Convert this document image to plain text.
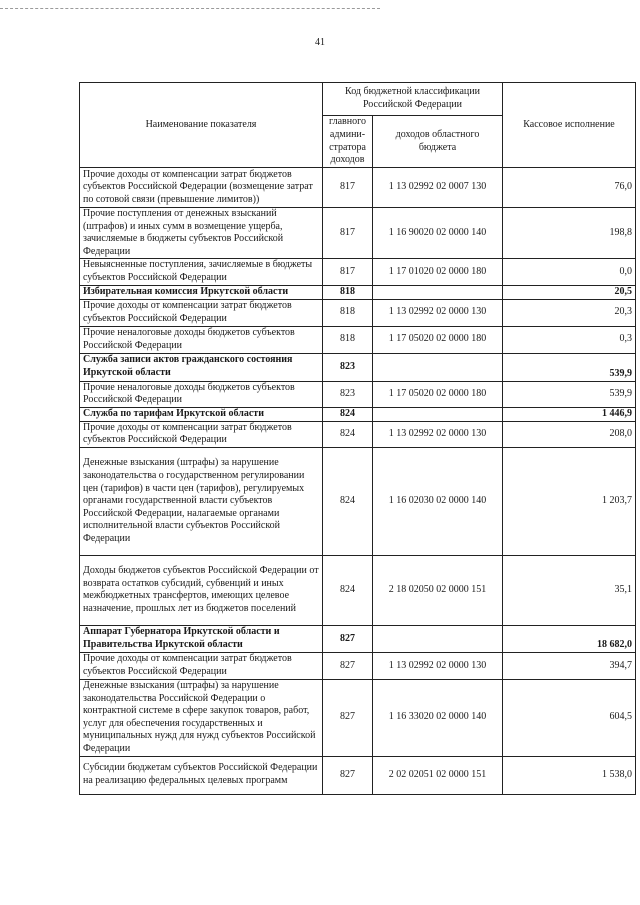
41
Наименование показателя	Код бюджетной классификации Российской Федерации		Кассовое исполнение
	главного админи-стратора доходов	доходов областного бюджета	
Прочие доходы от компенсации затрат бюджетов субъектов Российской Федерации (возмещение затрат по сотовой связи (превышение лимитов))	817	1 13 02992 02 0007 130	76,0
Прочие поступления от денежных взысканий (штрафов) и иных сумм в возмещение ущерба, зачисляемые в бюджеты субъектов Российской Федерации	817	1 16 90020 02 0000 140	198,8
Невыясненные поступления, зачисляемые в бюджеты субъектов Российской Федерации	817	1 17 01020 02 0000 180	0,0
Избирательная комиссия Иркутской области	818		20,5
Прочие доходы от компенсации затрат бюджетов субъектов Российской Федерации	818	1 13 02992 02 0000 130	20,3
Прочие неналоговые доходы бюджетов субъектов Российской Федерации	818	1 17 05020 02 0000 180	0,3
Служба записи актов гражданского состояния Иркутской области	823		539,9
Прочие неналоговые доходы бюджетов субъектов Российской Федерации	823	1 17 05020 02 0000 180	539,9
Служба по тарифам Иркутской области	824		1 446,9
Прочие доходы от компенсации затрат бюджетов субъектов Российской Федерации	824	1 13 02992 02 0000 130	208,0
Денежные взыскания (штрафы) за нарушение законодательства о государственном регулировании цен (тарифов) в части цен (тарифов), регулируемых органами государственной власти субъектов Российской Федерации, налагаемые органами исполнительной власти субъектов Российской Федерации	824	1 16 02030 02 0000 140	1 203,7
Доходы бюджетов субъектов Российской Федерации от возврата остатков субсидий, субвенций и иных межбюджетных трансфертов, имеющих целевое назначение, прошлых лет из бюджетов поселений	824	2 18 02050 02 0000 151	35,1
Аппарат Губернатора Иркутской области и Правительства Иркутской области	827		18 682,0
Прочие доходы от компенсации затрат бюджетов субъектов Российской Федерации	827	1 13 02992 02 0000 130	394,7
Денежные взыскания (штрафы) за нарушение законодательства Российской Федерации о контрактной системе в сфере закупок товаров, работ, услуг для обеспечения государственных и муниципальных нужд для нужд субъектов Российской Федерации	827	1 16 33020 02 0000 140	604,5
Субсидии бюджетам субъектов Российской Федерации на реализацию федеральных целевых программ	827	2 02 02051 02 0000 151	1 538,0
